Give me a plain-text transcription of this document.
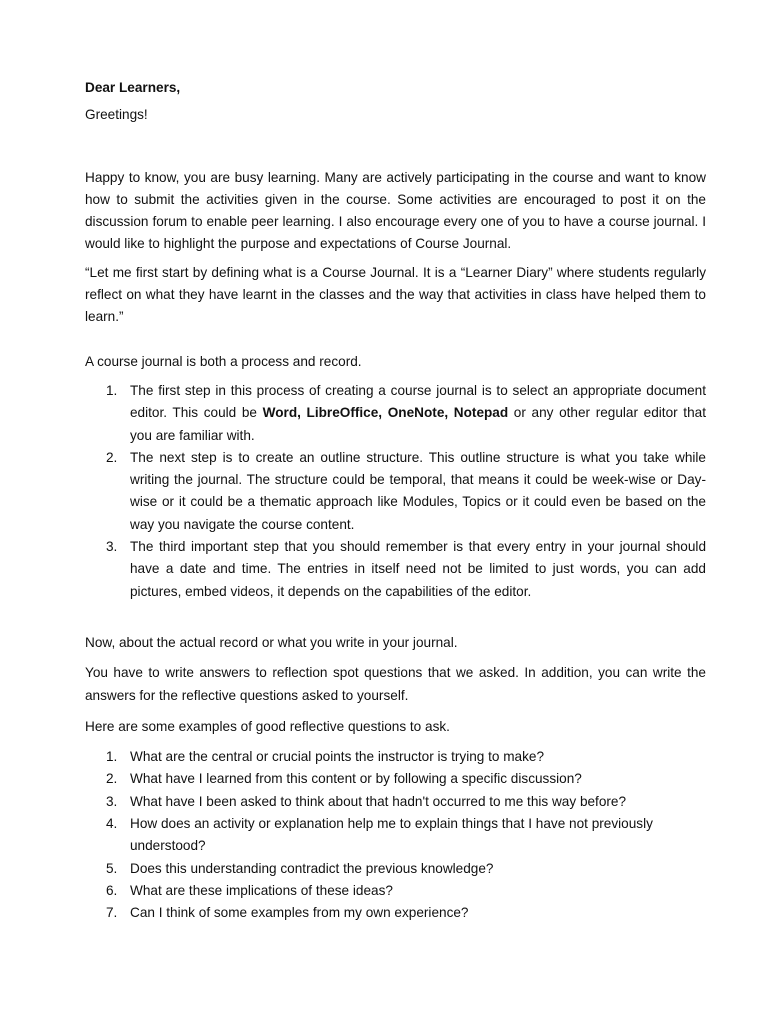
Dear Learners,

Greetings!

Happy to know, you are busy learning. Many are actively participating in the course and want to know how to submit the activities given in the course. Some activities are encouraged to post it on the discussion forum to enable peer learning. I also encourage every one of you to have a course journal. I would like to highlight the purpose and expectations of Course Journal.

“Let me first start by defining what is a Course Journal. It is a “Learner Diary” where students regularly reflect on what they have learnt in the classes and the way that activities in class have helped them to learn.”

A course journal is both a process and record.

1. The first step in this process of creating a course journal is to select an appropriate document editor. This could be Word, LibreOffice, OneNote, Notepad or any other regular editor that you are familiar with.
2. The next step is to create an outline structure. This outline structure is what you take while writing the journal. The structure could be temporal, that means it could be week-wise or Day-wise or it could be a thematic approach like Modules, Topics or it could even be based on the way you navigate the course content.
3. The third important step that you should remember is that every entry in your journal should have a date and time. The entries in itself need not be limited to just words, you can add pictures, embed videos, it depends on the capabilities of the editor.

Now, about the actual record or what you write in your journal.

You have to write answers to reflection spot questions that we asked. In addition, you can write the answers for the reflective questions asked to yourself.

Here are some examples of good reflective questions to ask.

1. What are the central or crucial points the instructor is trying to make?
2. What have I learned from this content or by following a specific discussion?
3. What have I been asked to think about that hadn't occurred to me this way before?
4. How does an activity or explanation help me to explain things that I have not previously understood?
5. Does this understanding contradict the previous knowledge?
6. What are these implications of these ideas?
7. Can I think of some examples from my own experience?
